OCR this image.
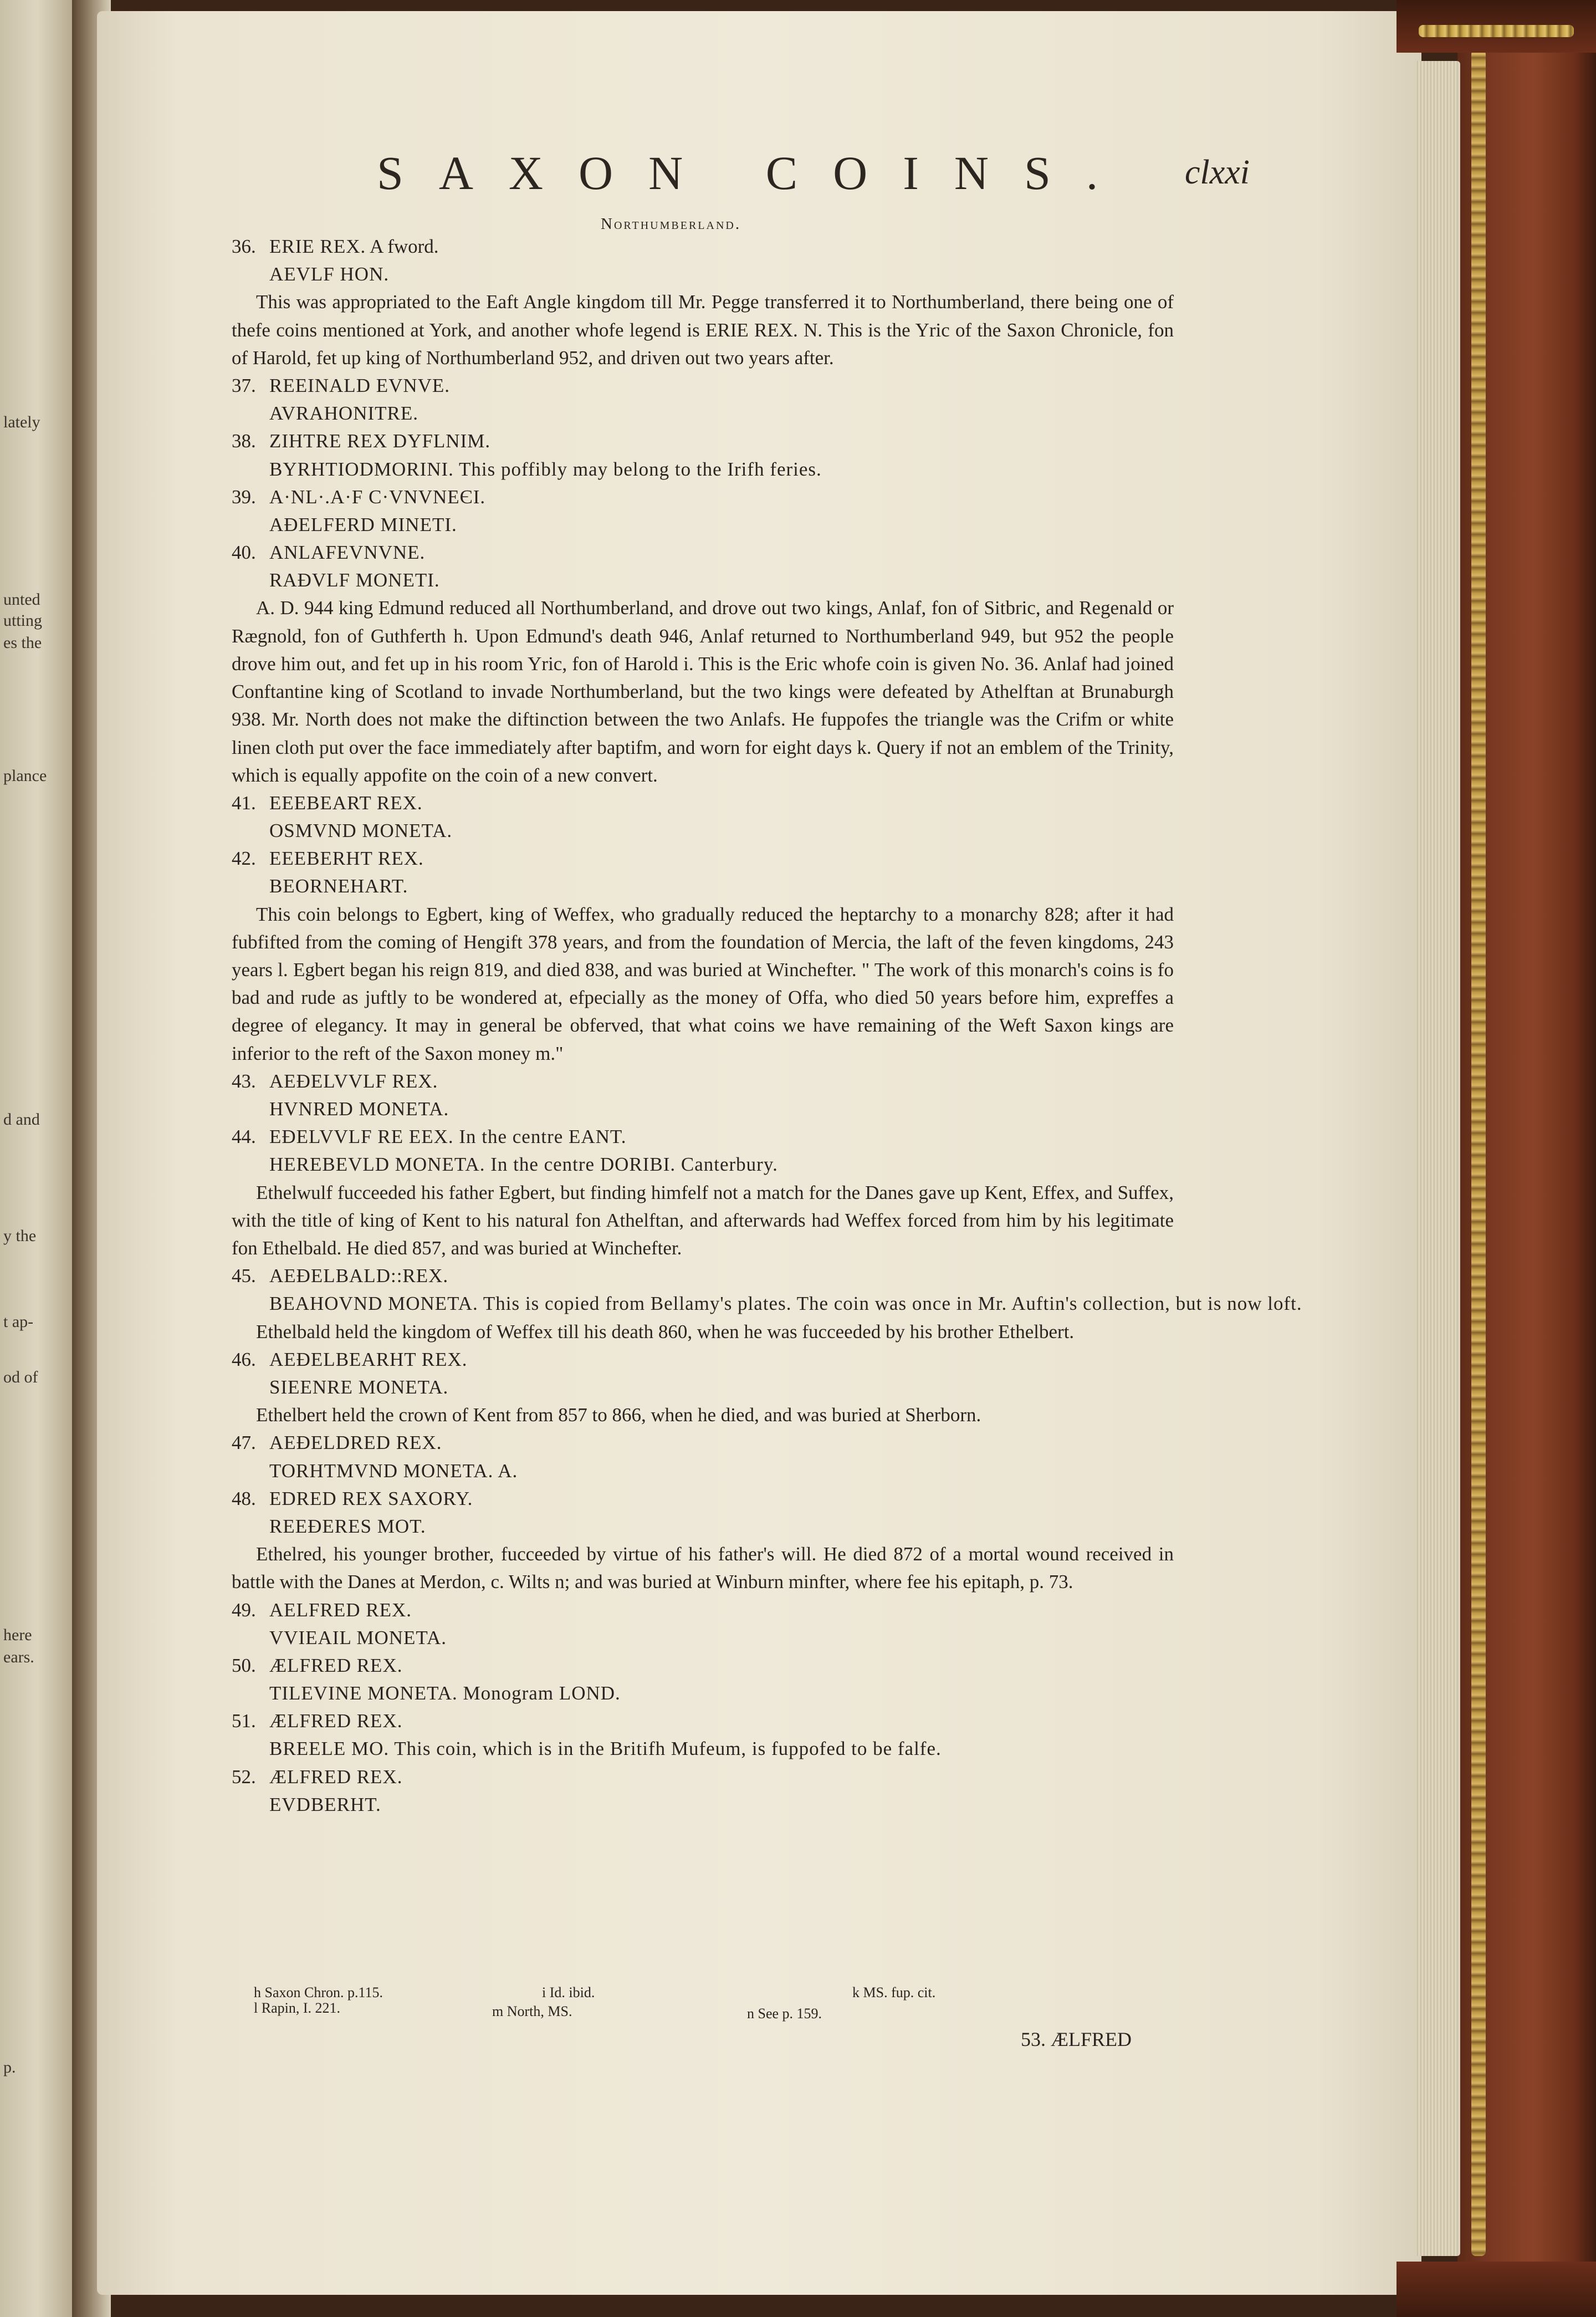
lately
unted
utting
es the
plance
d and
y the
t ap-
od of
here
ears.
p.
SAXON COINS. clxxi
Northumberland.
36. ERIE REX. A fword.
AEVLF HON.

This was appropriated to the Eaft Angle kingdom till Mr. Pegge transferred it to Northumberland, there being one of thefe coins mentioned at York, and another whofe legend is ERIE REX. N. This is the Yric of the Saxon Chronicle, fon of Harold, fet up king of Northumberland 952, and driven out two years after.

37. REEINALD EVNVE.
AVRAHONITRE.
38. ZIHTRE REX DYFLNIM.
BYRHTIODMORINI. This poffibly may belong to the Irifh feries.
39. A·NL·.A·F C·VNVNEЄI.
AÐELFERD MINETI.
40. ANLAFEVNVNE.
RAÐVLF MONETI.

A. D. 944 king Edmund reduced all Northumberland, and drove out two kings, Anlaf, fon of Sitbric, and Regenald or Rægnold, fon of Guthferth h. Upon Edmund's death 946, Anlaf returned to Northumberland 949, but 952 the people drove him out, and fet up in his room Yric, fon of Harold i. This is the Eric whofe coin is given No. 36. Anlaf had joined Conftantine king of Scotland to invade Northumberland, but the two kings were defeated by Athelftan at Brunaburgh 938. Mr. North does not make the diftinction between the two Anlafs. He fuppofes the triangle was the Crifm or white linen cloth put over the face immediately after baptifm, and worn for eight days k. Query if not an emblem of the Trinity, which is equally appofite on the coin of a new convert.

41. EEEBEART REX.
OSMVND MONETA.
42. EEEBERHT REX.
BEORNEHART.

This coin belongs to Egbert, king of Weffex, who gradually reduced the heptarchy to a monarchy 828; after it had fubfifted from the coming of Hengift 378 years, and from the foundation of Mercia, the laft of the feven kingdoms, 243 years l. Egbert began his reign 819, and died 838, and was buried at Winchefter. " The work of this monarch's coins is fo bad and rude as juftly to be wondered at, efpecially as the money of Offa, who died 50 years before him, expreffes a degree of elegancy. It may in general be obferved, that what coins we have remaining of the Weft Saxon kings are inferior to the reft of the Saxon money m."

43. AEÐELVVLF REX.
HVNRED MONETA.
44. EÐELVVLF RE ЕEX. In the centre EANT.
HEREBEVLD MONETA. In the centre DORIBI. Canterbury.

Ethelwulf fucceeded his father Egbert, but finding himfelf not a match for the Danes gave up Kent, Effex, and Suffex, with the title of king of Kent to his natural fon Athelftan, and afterwards had Weffex forced from him by his legitimate fon Ethelbald. He died 857, and was buried at Winchefter.

45. AEÐELBALD::REX.
BEAHOVND MONETA. This is copied from Bellamy's plates. The coin was once in Mr. Auftin's collection, but is now loft.

Ethelbald held the kingdom of Weffex till his death 860, when he was fucceeded by his brother Ethelbert.

46. AEÐELBEARHT REX.
SIEENRE MONETA.

Ethelbert held the crown of Kent from 857 to 866, when he died, and was buried at Sherborn.

47. AEÐELDRED REX.
TORHTMVND MONETA. A.
48. EDRED REX SAXORY.
REEÐERES MOT.

Ethelred, his younger brother, fucceeded by virtue of his father's will. He died 872 of a mortal wound received in battle with the Danes at Merdon, c. Wilts n; and was buried at Winburn minfter, where fee his epitaph, p. 73.

49. AELFRED REX.
VVIEAIL MONETA.
50. ÆLFRED REX.
TILEVINE MONETA. Monogram LOND.
51. ÆLFRED REX.
BREELE MO. This coin, which is in the Britifh Mufeum, is fuppofed to be falfe.
52. ÆLFRED REX.
EVDBERHT.
h Saxon Chron. p.115.	i Id. ibid.	k MS. fup. cit.
l Rapin, I. 221.	m North, MS.	n See p. 159.
53. ÆLFRED
